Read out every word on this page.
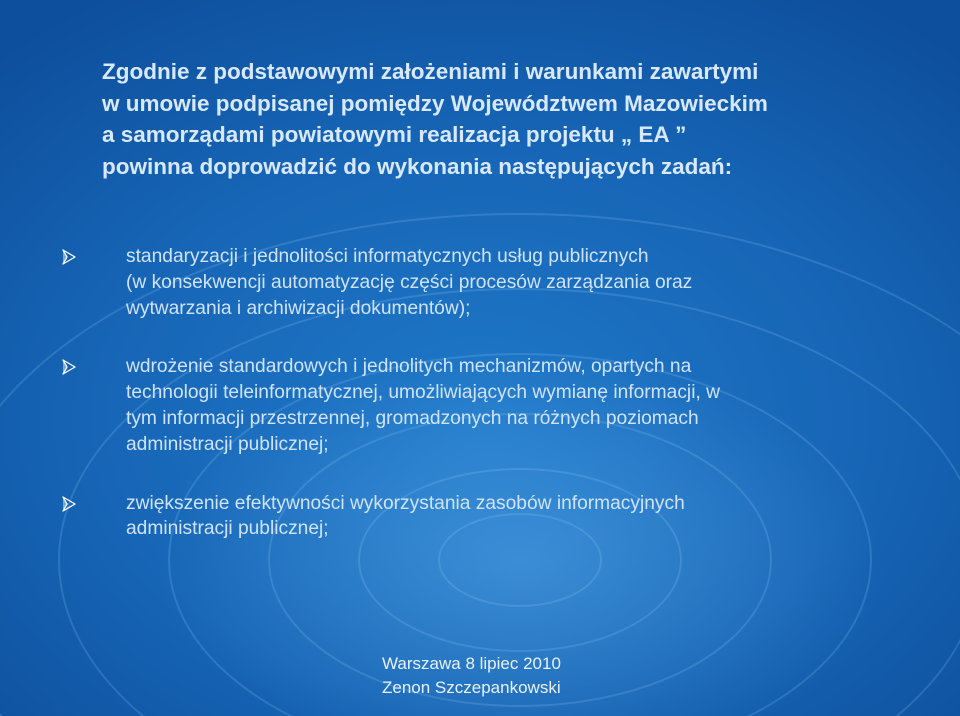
Zgodnie z podstawowymi założeniami i warunkami zawartymi
w umowie podpisanej pomiędzy Województwem Mazowieckim
a samorządami powiatowymi realizacja projektu „ EA ”
powinna doprowadzić do wykonania następujących zadań:
standaryzacji i jednolitości informatycznych usług publicznych
(w konsekwencji automatyzację części procesów zarządzania oraz
wytwarzania i archiwizacji dokumentów);
wdrożenie standardowych i jednolitych mechanizmów, opartych na
technologii teleinformatycznej, umożliwiających wymianę informacji, w
tym informacji przestrzennej, gromadzonych na różnych poziomach
administracji publicznej;
zwiększenie efektywności wykorzystania zasobów informacyjnych
administracji publicznej;
Warszawa 8 lipiec 2010
Zenon Szczepankowski
